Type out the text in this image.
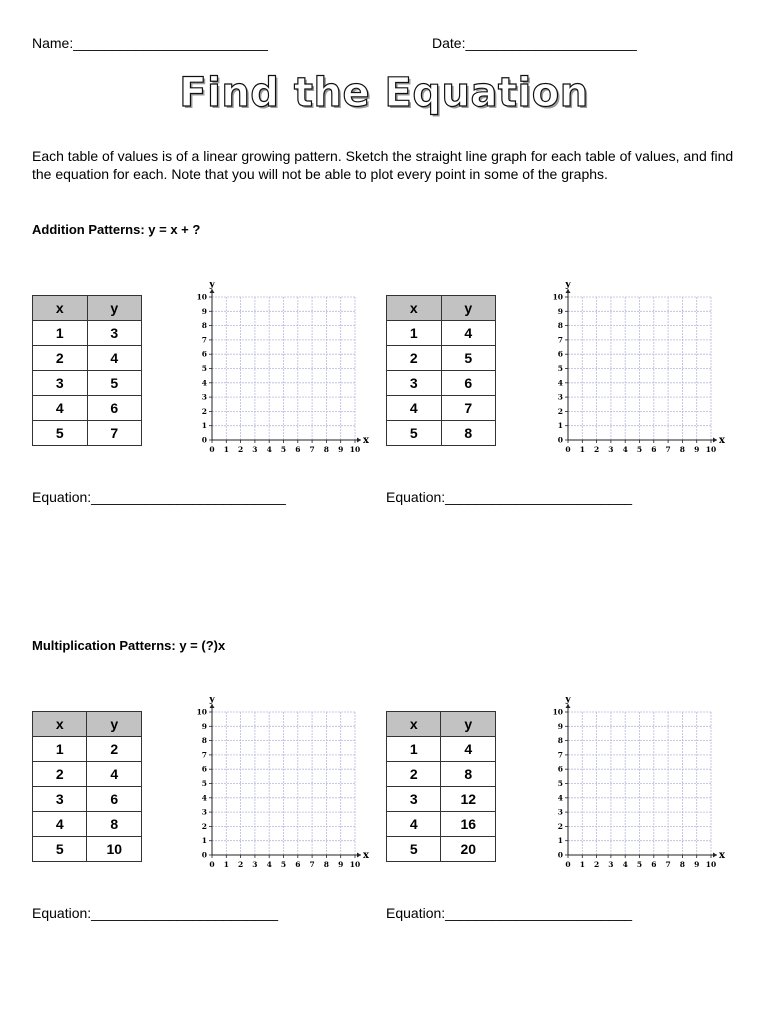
Name:_________________________	Date:______________________
Find the Equation
Each table of values is of a linear growing pattern. Sketch the straight line graph for each table of values, and find the equation for each. Note that you will not be able to plot every point in some of the graphs.
Addition Patterns: y = x + ?
Multiplication Patterns: y = (?)x
x	y
1	3
2	4
3	5
4	6
5	7
x	y
1	4
2	5
3	6
4	7
5	8
x	y
1	2
2	4
3	6
4	8
5	10
x	y
1	4
2	8
3	12
4	16
5	20
0
0
1
1
2
2
3
3
4
4
5
5
6
6
7
7
8
8
9
9
10
10
x
y
0
0
1
1
2
2
3
3
4
4
5
5
6
6
7
7
8
8
9
9
10
10
x
y
0
0
1
1
2
2
3
3
4
4
5
5
6
6
7
7
8
8
9
9
10
10
x
y
0
0
1
1
2
2
3
3
4
4
5
5
6
6
7
7
8
8
9
9
10
10
x
y
Equation:_________________________	Equation:________________________
Equation:________________________	Equation:________________________
